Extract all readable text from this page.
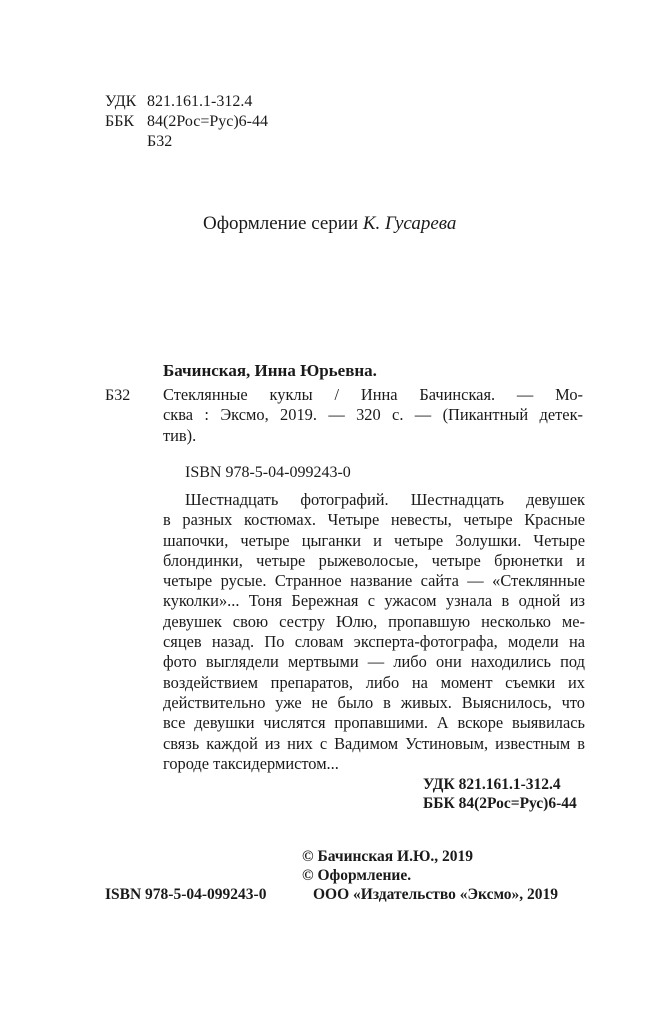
УДК 821.161.1-312.4
ББК 84(2Рос=Рус)6-44
Б32
Оформление серии К. Гусарева
Бачинская, Инна Юрьевна.
Б32 Стеклянные куклы / Инна Бачинская. — Мо-
сква : Эксмо, 2019. — 320 с. — (Пикантный детек-
тив).
ISBN 978-5-04-099243-0
Шестнадцать фотографий. Шестнадцать девушек
в разных костюмах. Четыре невесты, четыре Красные
шапочки, четыре цыганки и четыре Золушки. Четыре
блондинки, четыре рыжеволосые, четыре брюнетки и
четыре русые. Странное название сайта — «Стеклянные
куколки»... Тоня Бережная с ужасом узнала в одной из
девушек свою сестру Юлю, пропавшую несколько ме-
сяцев назад. По словам эксперта-фотографа, модели на
фото выглядели мертвыми — либо они находились под
воздействием препаратов, либо на момент съемки их
действительно уже не было в живых. Выяснилось, что
все девушки числятся пропавшими. А вскоре выявилась
связь каждой из них с Вадимом Устиновым, известным в
городе таксидермистом...
УДК 821.161.1-312.4
ББК 84(2Рос=Рус)6-44
© Бачинская И.Ю., 2019
© Оформление.
ISBN 978-5-04-099243-0	ООО «Издательство «Эксмо», 2019
